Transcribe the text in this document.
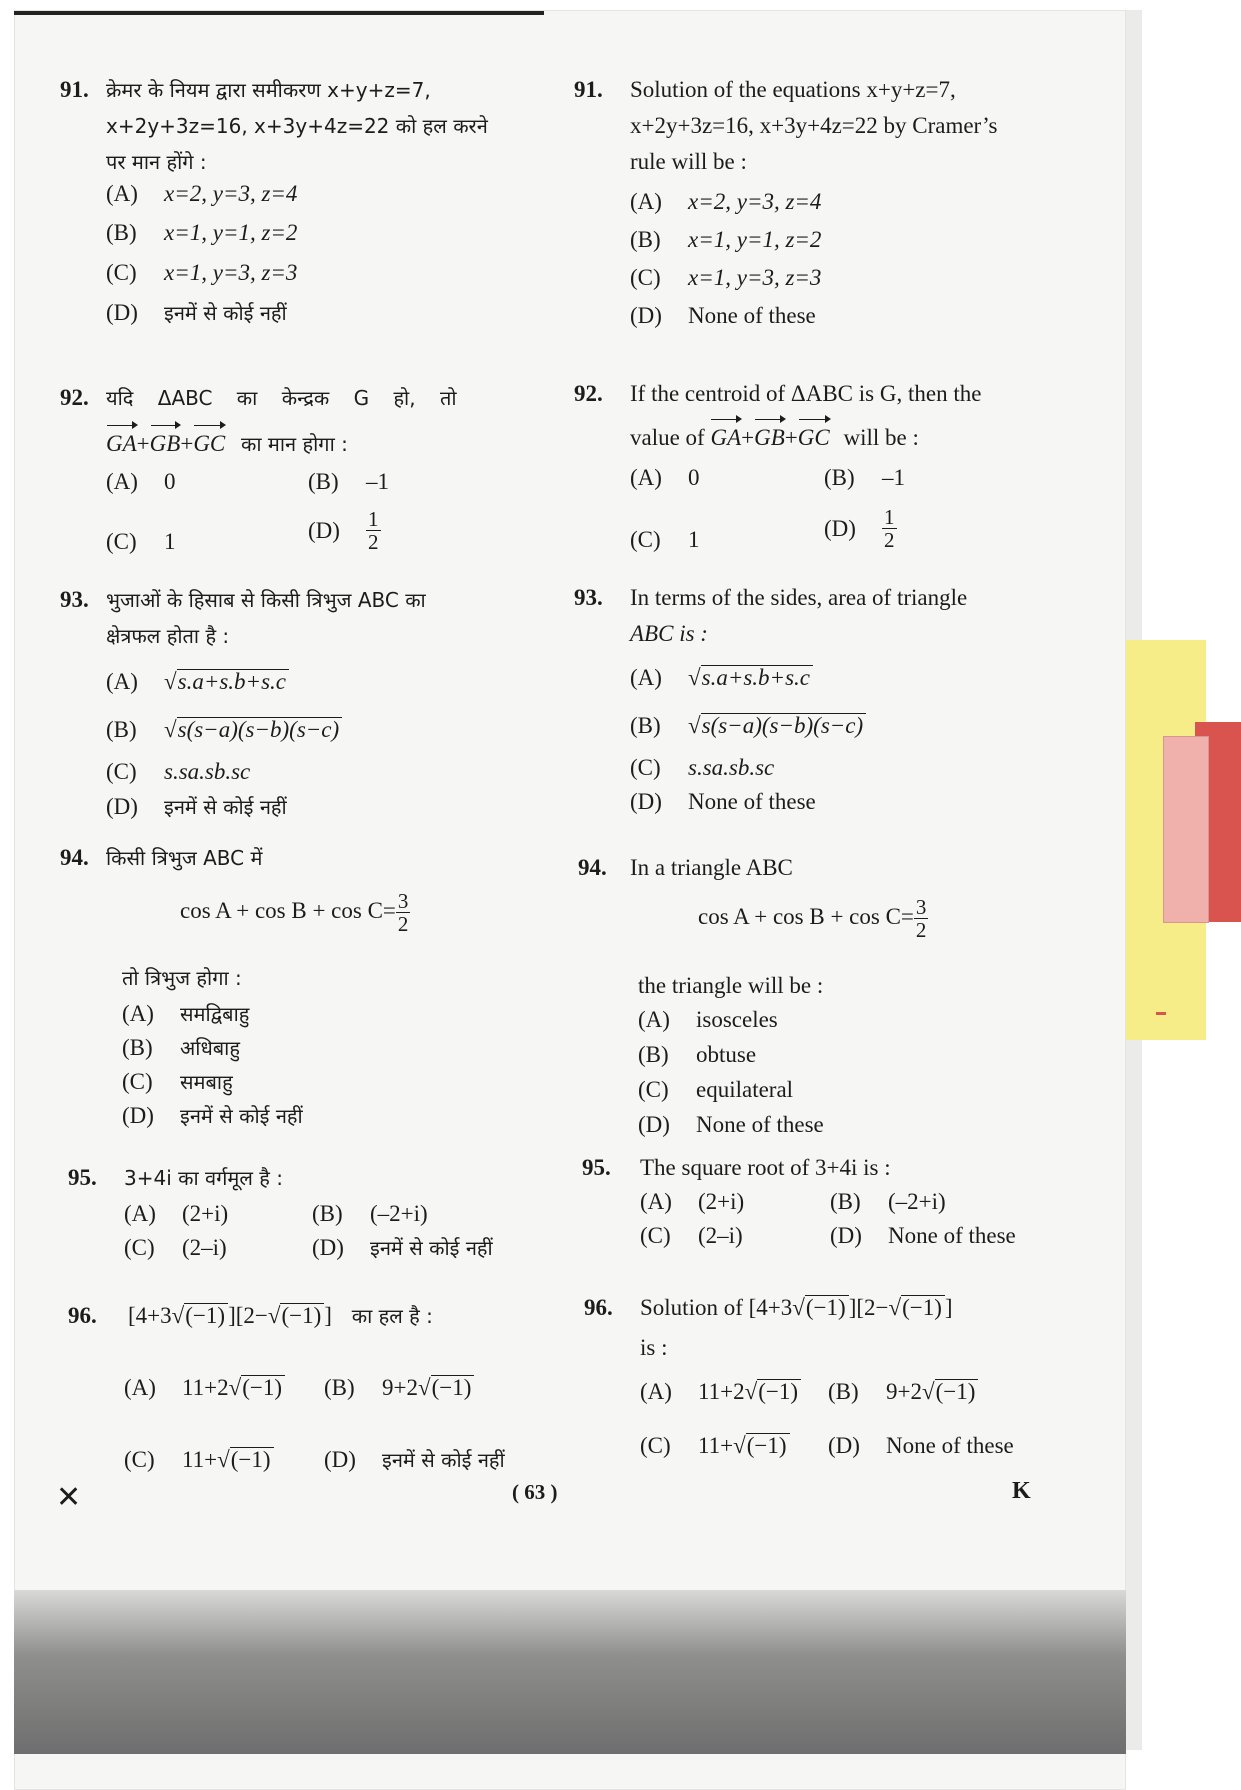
91. क्रेमर के नियम द्वारा समीकरण x+y+z=7,
x+2y+3z=16, x+3y+4z=22 को हल करने
पर मान होंगे :
(A) x=2, y=3, z=4
(B) x=1, y=1, z=2
(C) x=1, y=3, z=3
(D) इनमें से कोई नहीं
92. यदि ΔABC का केन्द्रक G हो, तो
GA+GB+GC का मान होगा :
(A) 0	(B) –1
(C) 1	$(D) \frac{1}{2}$
93. भुजाओं के हिसाब से किसी त्रिभुज ABC का
क्षेत्रफल होता है :
(A) √s.a+s.b+s.c
(B) √s(s−a)(s−b)(s−c)
(C) s.sa.sb.sc
(D) इनमें से कोई नहीं
94. किसी त्रिभुज ABC में
$\cos A + \cos B + \cos C= \frac{3}{2}$
तो त्रिभुज होगा :
(A) समद्विबाहु
(B) अधिबाहु
(C) समबाहु
(D) इनमें से कोई नहीं
95. 3+4i का वर्गमूल है :
(A) (2+i)	(B) (–2+i)
(C) (2–i)	(D) इनमें से कोई नहीं
96. [4+3√(−1) ][2−√(−1) ] का हल है :
(A) 11+2√(−1) (B) 9+2√(−1)
(C) 11+√(−1) (D) इनमें से कोई नहीं
91. Solution of the equations x+y+z=7,
x+2y+3z=16, x+3y+4z=22 by Cramer’s
rule will be :
(A) x=2, y=3, z=4
(B) x=1, y=1, z=2
(C) x=1, y=3, z=3
(D) None of these
92. If the centroid of ΔABC is G, then the
value of GA+GB+GC will be :
(A) 0	(B) –1
(C) 1	$(D) \frac{1}{2}$
93. In terms of the sides, area of triangle
ABC is :
(A) √s.a+s.b+s.c
(B) √s(s−a)(s−b)(s−c)
(C) s.sa.sb.sc
(D) None of these
94. In a triangle ABC
$\cos A + \cos B + \cos C= \frac{3}{2}$
the triangle will be :
(A) isosceles
(B) obtuse
(C) equilateral
(D) None of these
95. The square root of 3+4i is :
(A) (2+i)	(B) (–2+i)
(C) (2–i)	(D) None of these
96. Solution of [4+3√(−1) ][2−√(−1) ]
is :
(A) 11+2√(−1) (B) 9+2√(−1)
(C) 11+√(−1) (D) None of these
✕	( 63 )	K
